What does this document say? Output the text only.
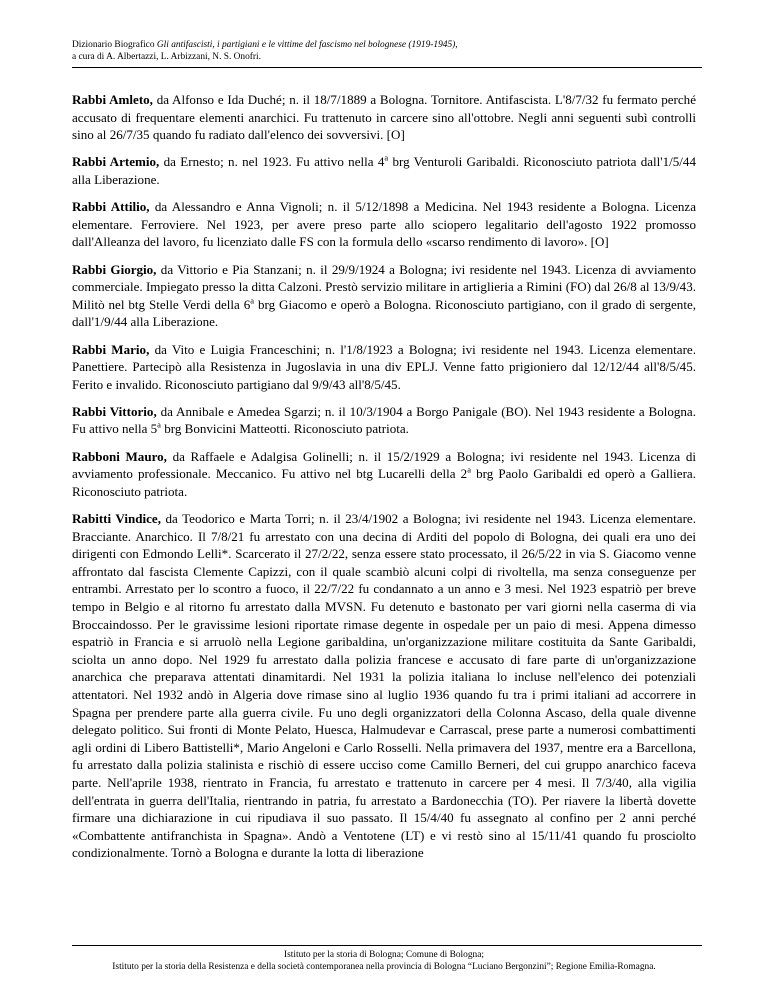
Dizionario Biografico Gli antifascisti, i partigiani e le vittime del fascismo nel bolognese (1919-1945),
a cura di A. Albertazzi, L. Arbizzani, N. S. Onofri.

Rabbi Amleto, da Alfonso e Ida Duché; n. il 18/7/1889 a Bologna. Tornitore. Antifascista. L'8/7/32 fu fermato perché accusato di frequentare elementi anarchici. Fu trattenuto in carcere sino all'ottobre. Negli anni seguenti subì controlli sino al 26/7/35 quando fu radiato dall'elenco dei sovversivi. [O]

Rabbi Artemio, da Ernesto; n. nel 1923. Fu attivo nella 4$^a$ brg Venturoli Garibaldi. Riconosciuto patriota dall'1/5/44 alla Liberazione.

Rabbi Attilio, da Alessandro e Anna Vignoli; n. il 5/12/1898 a Medicina. Nel 1943 residente a Bologna. Licenza elementare. Ferroviere. Nel 1923, per avere preso parte allo sciopero legalitario dell'agosto 1922 promosso dall'Alleanza del lavoro, fu licenziato dalle FS con la formula dello «scarso rendimento di lavoro». [O]

Rabbi Giorgio, da Vittorio e Pia Stanzani; n. il 29/9/1924 a Bologna; ivi residente nel 1943. Licenza di avviamento commerciale. Impiegato presso la ditta Calzoni. Prestò servizio militare in artiglieria a Rimini (FO) dal 26/8 al 13/9/43. Militò nel btg Stelle Verdi della 6$^a$ brg Giacomo e operò a Bologna. Riconosciuto partigiano, con il grado di sergente, dall'1/9/44 alla Liberazione.

Rabbi Mario, da Vito e Luigia Franceschini; n. l'1/8/1923 a Bologna; ivi residente nel 1943. Licenza elementare. Panettiere. Partecipò alla Resistenza in Jugoslavia in una div EPLJ. Venne fatto prigioniero dal 12/12/44 all'8/5/45. Ferito e invalido. Riconosciuto partigiano dal 9/9/43 all'8/5/45.

Rabbi Vittorio, da Annibale e Amedea Sgarzi; n. il 10/3/1904 a Borgo Panigale (BO). Nel 1943 residente a Bologna. Fu attivo nella 5$^a$ brg Bonvicini Matteotti. Riconosciuto patriota.

Rabboni Mauro, da Raffaele e Adalgisa Golinelli; n. il 15/2/1929 a Bologna; ivi residente nel 1943. Licenza di avviamento professionale. Meccanico. Fu attivo nel btg Lucarelli della 2$^a$ brg Paolo Garibaldi ed operò a Galliera. Riconosciuto patriota.

Rabitti Vindice, da Teodorico e Marta Torri; n. il 23/4/1902 a Bologna; ivi residente nel 1943. Licenza elementare. Bracciante. Anarchico. Il 7/8/21 fu arrestato con una decina di Arditi del popolo di Bologna, dei quali era uno dei dirigenti con Edmondo Lelli*. Scarcerato il 27/2/22, senza essere stato processato, il 26/5/22 in via S. Giacomo venne affrontato dal fascista Clemente Capizzi, con il quale scambiò alcuni colpi di rivoltella, ma senza conseguenze per entrambi. Arrestato per lo scontro a fuoco, il 22/7/22 fu condannato a un anno e 3 mesi. Nel 1923 espatriò per breve tempo in Belgio e al ritorno fu arrestato dalla MVSN. Fu detenuto e bastonato per vari giorni nella caserma di via Broccaindosso. Per le gravissime lesioni riportate rimase degente in ospedale per un paio di mesi. Appena dimesso espatriò in Francia e si arruolò nella Legione garibaldina, un'organizzazione militare costituita da Sante Garibaldi, sciolta un anno dopo. Nel 1929 fu arrestato dalla polizia francese e accusato di fare parte di un'organizzazione anarchica che preparava attentati dinamitardi. Nel 1931 la polizia italiana lo incluse nell'elenco dei potenziali attentatori. Nel 1932 andò in Algeria dove rimase sino al luglio 1936 quando fu tra i primi italiani ad accorrere in Spagna per prendere parte alla guerra civile. Fu uno degli organizzatori della Colonna Ascaso, della quale divenne delegato politico. Sui fronti di Monte Pelato, Huesca, Halmudevar e Carrascal, prese parte a numerosi combattimenti agli ordini di Libero Battistelli*, Mario Angeloni e Carlo Rosselli. Nella primavera del 1937, mentre era a Barcellona, fu arrestato dalla polizia stalinista e rischiò di essere ucciso come Camillo Berneri, del cui gruppo anarchico faceva parte. Nell'aprile 1938, rientrato in Francia, fu arrestato e trattenuto in carcere per 4 mesi. Il 7/3/40, alla vigilia dell'entrata in guerra dell'Italia, rientrando in patria, fu arrestato a Bardonecchia (TO). Per riavere la libertà dovette firmare una dichiarazione in cui ripudiava il suo passato. Il 15/4/40 fu assegnato al confino per 2 anni perché «Combattente antifranchista in Spagna». Andò a Ventotene (LT) e vi restò sino al 15/11/41 quando fu prosciolto condizionalmente. Tornò a Bologna e durante la lotta di liberazione

Istituto per la storia di Bologna; Comune di Bologna;
Istituto per la storia della Resistenza e della società contemporanea nella provincia di Bologna “Luciano Bergonzini”; Regione Emilia-Romagna.
